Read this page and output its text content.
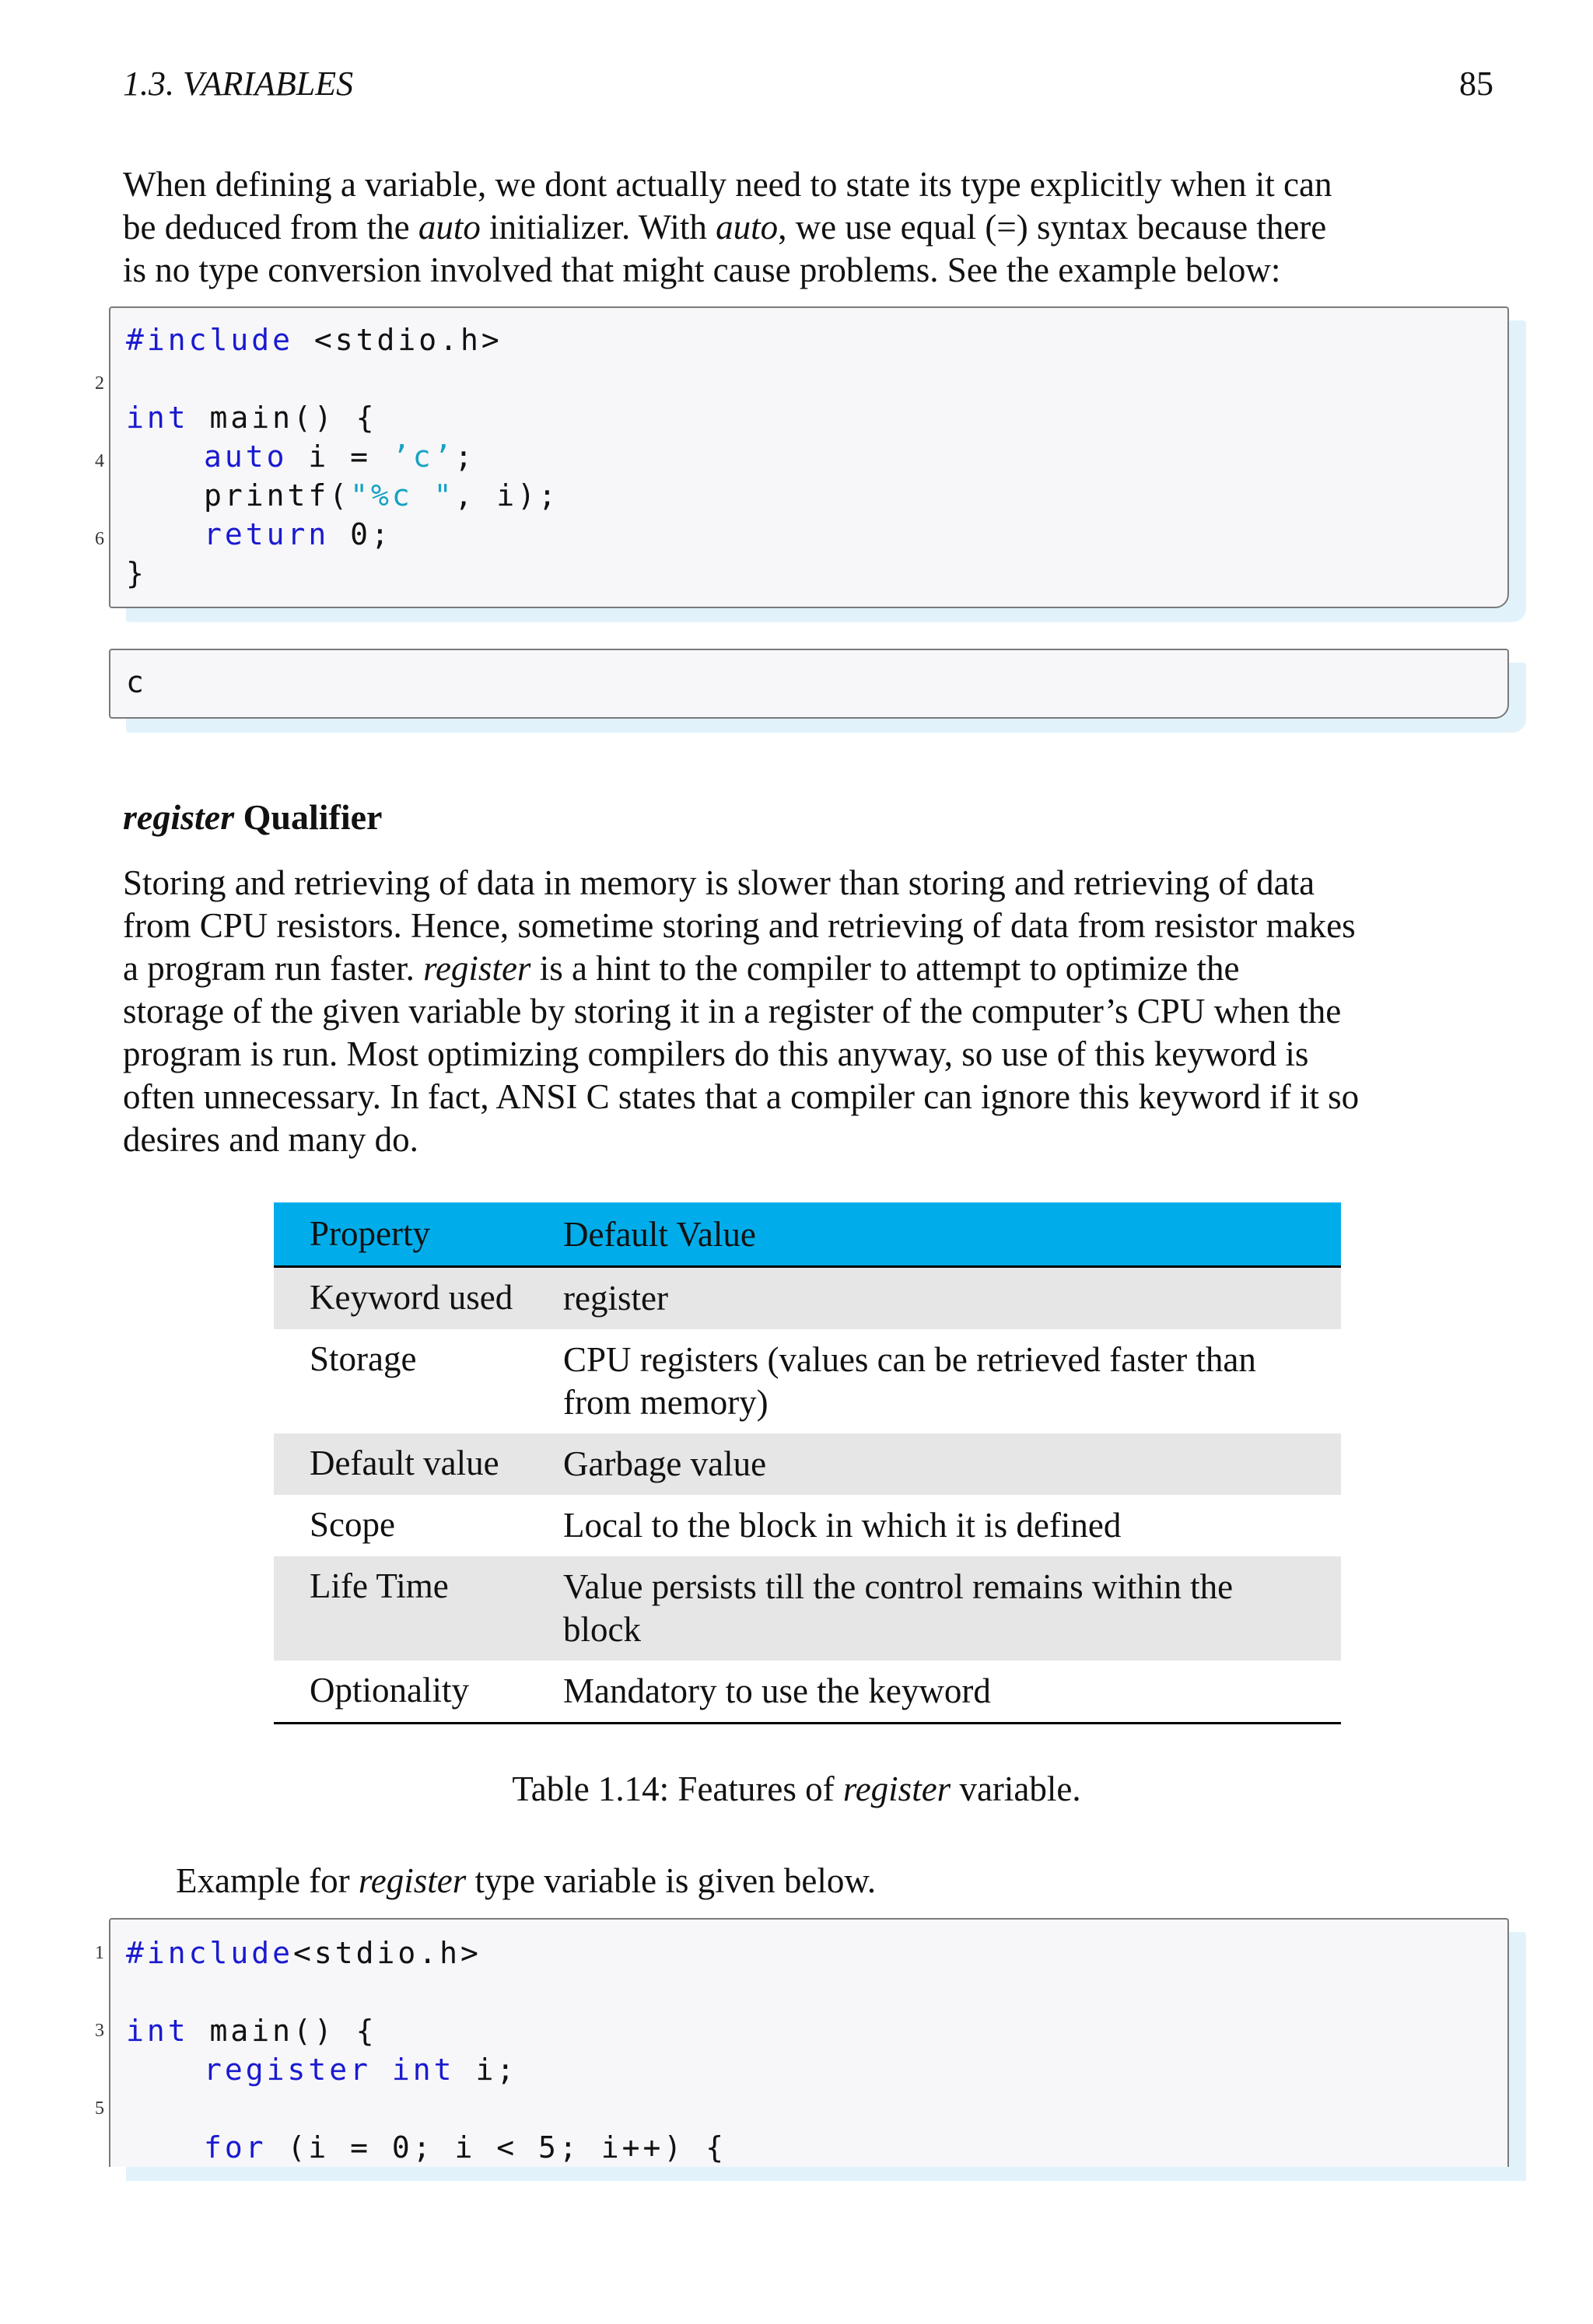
1.3. VARIABLES	85
When defining a variable, we dont actually need to state its type explicitly when it can
be deduced from the auto initializer. With auto, we use equal (=) syntax because there
is no type conversion involved that might cause problems. See the example below:
2
4
6
#include <stdio.h>
int main() {
auto i = ’c’;
printf("%c ", i);
return 0;
}
c
register Qualifier
Storing and retrieving of data in memory is slower than storing and retrieving of data
from CPU resistors. Hence, sometime storing and retrieving of data from resistor makes
a program run faster. register is a hint to the compiler to attempt to optimize the
storage of the given variable by storing it in a register of the computer’s CPU when the
program is run. Most optimizing compilers do this anyway, so use of this keyword is
often unnecessary. In fact, ANSI C states that a compiler can ignore this keyword if it so
desires and many do.
Property	Default Value
Keyword used	register
Storage	CPU registers (values can be retrieved faster than from memory)
Default value	Garbage value
Scope	Local to the block in which it is defined
Life Time	Value persists till the control remains within the block
Optionality	Mandatory to use the keyword
Table 1.14: Features of register variable.
Example for register type variable is given below.
1
3
5
#include<stdio.h>
int main() {
register int i;
for (i = 0; i < 5; i++) {
